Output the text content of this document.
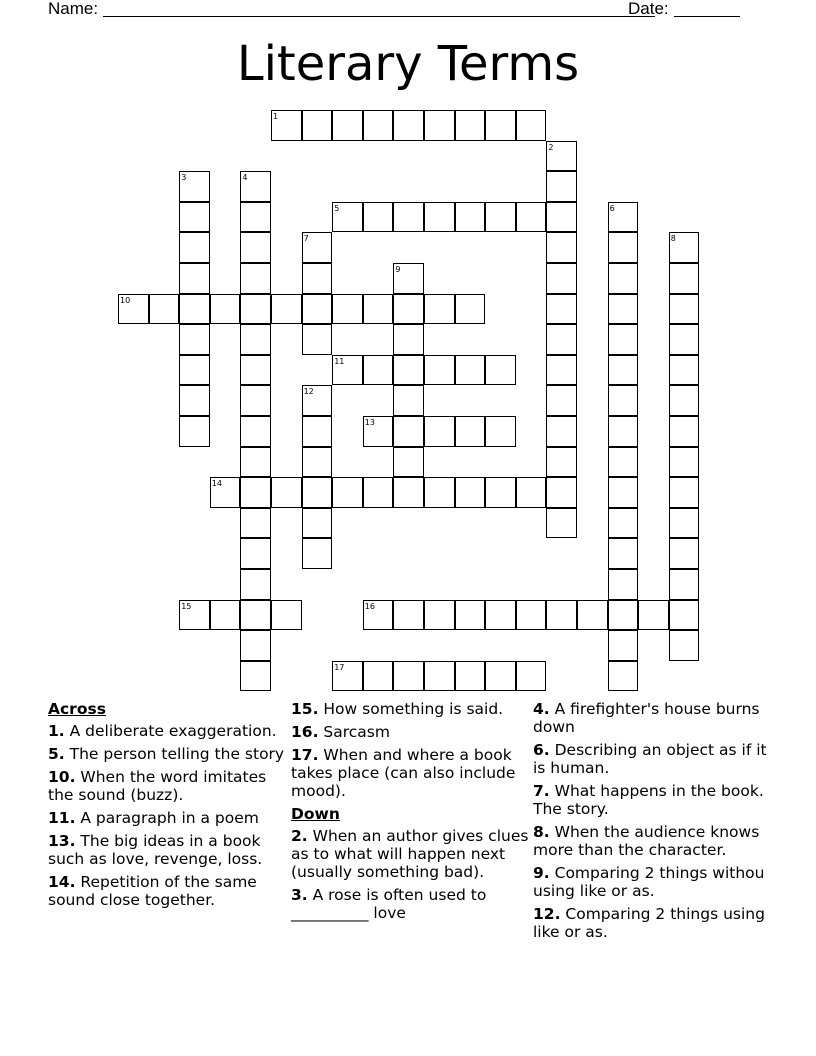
Name:	Date:
Literary Terms
1
2
3	4
5	6
7	8
9
10
11
12
13
14
15	16
17
Across
1. A deliberate exaggeration.
5. The person telling the story
10. When the word imitates the sound (buzz).
11. A paragraph in a poem
13. The big ideas in a book such as love, revenge, loss.
14. Repetition of the same sound close together.
15. How something is said.
16. Sarcasm
17. When and where a book takes place (can also include mood).
Down
2. When an author gives clues as to what will happen next (usually something bad).
3. A rose is often used to __________ love
4. A firefighter's house burns down
6. Describing an object as if it is human.
7. What happens in the book. The story.
8. When the audience knows more than the character.
9. Comparing 2 things withou using like or as.
12. Comparing 2 things using like or as.
